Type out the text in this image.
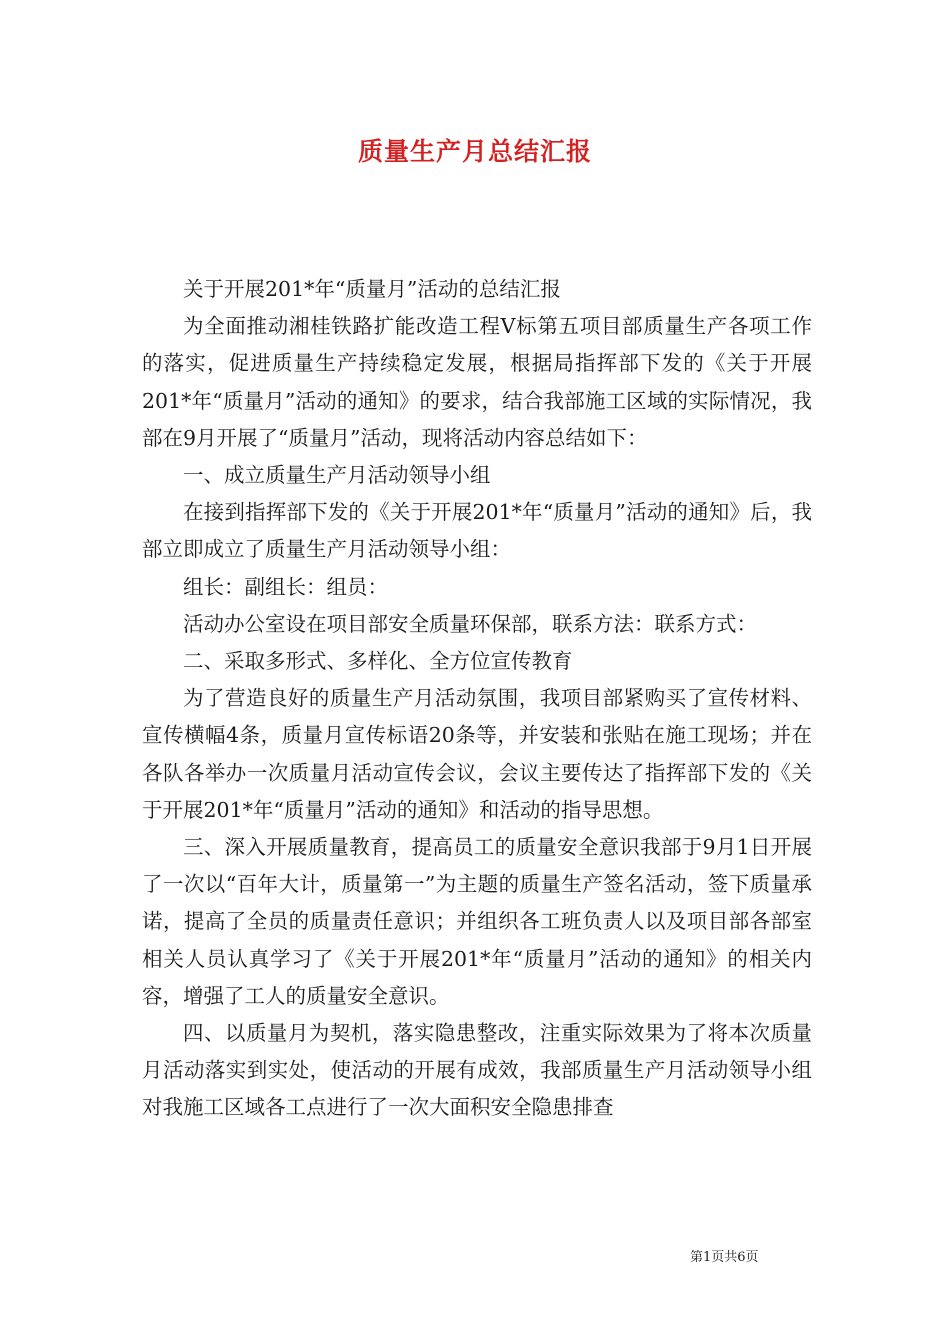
质量生产月总结汇报

关于开展201*年“质量月”活动的总结汇报

为全面推动湘桂铁路扩能改造工程Ⅴ标第五项目部质量生产各项工作的落实，促进质量生产持续稳定发展，根据局指挥部下发的《关于开展201*年“质量月”活动的通知》的要求，结合我部施工区域的实际情况，我部在9月开展了“质量月”活动，现将活动内容总结如下：

一、成立质量生产月活动领导小组

在接到指挥部下发的《关于开展201*年“质量月”活动的通知》后，我部立即成立了质量生产月活动领导小组：

组长：副组长：组员：

活动办公室设在项目部安全质量环保部，联系方法：联系方式：

二、采取多形式、多样化、全方位宣传教育

为了营造良好的质量生产月活动氛围，我项目部紧购买了宣传材料、宣传横幅4条，质量月宣传标语20条等，并安装和张贴在施工现场；并在各队各举办一次质量月活动宣传会议，会议主要传达了指挥部下发的《关于开展201*年“质量月”活动的通知》和活动的指导思想。

三、深入开展质量教育，提高员工的质量安全意识我部于9月1日开展了一次以“百年大计，质量第一”为主题的质量生产签名活动，签下质量承诺，提高了全员的质量责任意识；并组织各工班负责人以及项目部各部室相关人员认真学习了《关于开展201*年“质量月”活动的通知》的相关内容，增强了工人的质量安全意识。

四、以质量月为契机，落实隐患整改，注重实际效果为了将本次质量月活动落实到实处，使活动的开展有成效，我部质量生产月活动领导小组对我施工区域各工点进行了一次大面积安全隐患排查

第1页共6页
